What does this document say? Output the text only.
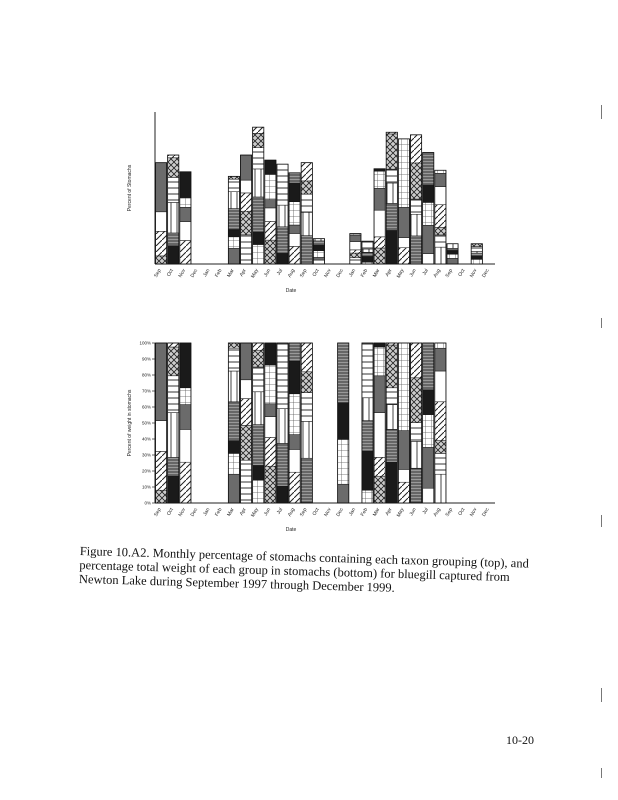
Sep Oct Nov Dec Jan Feb Mar Apr May Jun Jul Aug Sep Oct Nov Dec Jan Feb Mar Apr May Jun Jul Aug Sep Oct Nov Dec
Percent of Stomachs
Date
0%
10%
20%
30%
40%
50%
60%
70%
80%
90%
100%
Sep Oct Nov Dec Jan Feb Mar Apr May Jun Jul Aug Sep Oct Nov Dec Jan Feb Mar Apr May Jun Jul Aug Sep Oct Nov Dec
Percent of weight in stomachs
Date
Figure 10.A2. Monthly percentage of stomachs containing each taxon grouping (top), and percentage total weight of each group in stomachs (bottom) for bluegill captured from Newton Lake during September 1997 through December 1999.
10-20
